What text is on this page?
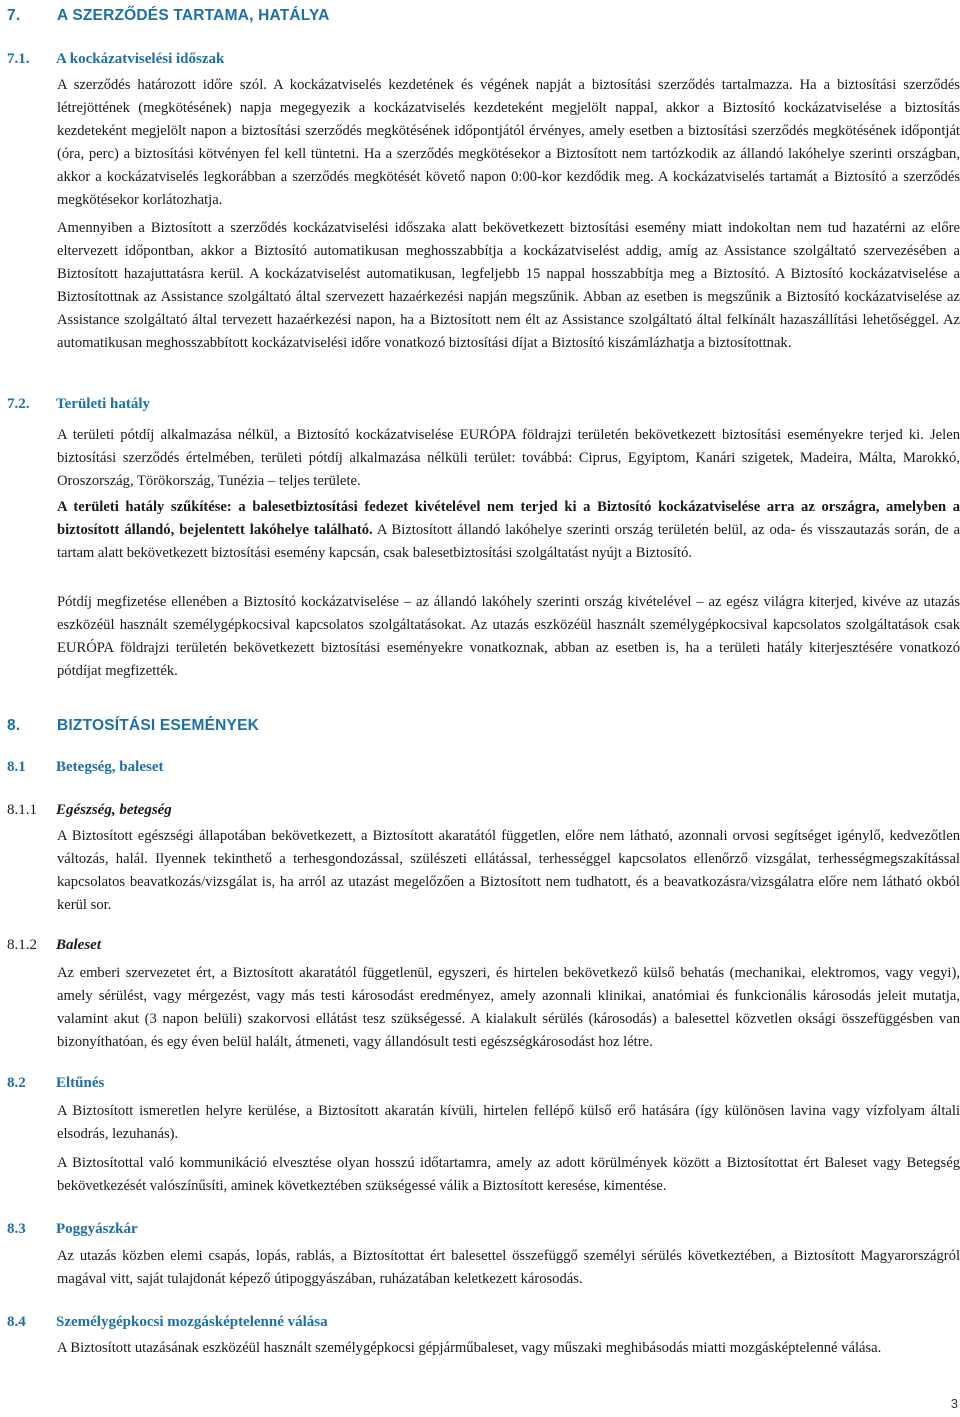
7. A SZERZŐDÉS TARTAMA, HATÁLYA
7.1. A kockázatviselési időszak

A szerződés határozott időre szól. A kockázatviselés kezdetének és végének napját a biztosítási szerződés tartalmazza. Ha a biztosítási szerződés létrejöttének (megkötésének) napja megegyezik a kockázatviselés kezdeteként megjelölt nappal, akkor a Biztosító kockázatviselése a biztosítás kezdeteként megjelölt napon a biztosítási szerződés megkötésének időpontjától érvényes, amely esetben a biztosítási szerződés megkötésének időpontját (óra, perc) a biztosítási kötvényen fel kell tüntetni. Ha a szerződés megkötésekor a Biztosított nem tartózkodik az állandó lakóhelye szerinti országban, akkor a kockázatviselés legkorábban a szerződés megkötését követő napon 0:00-kor kezdődik meg. A kockázatviselés tartamát a Biztosító a szerződés megkötésekor korlátozhatja.

Amennyiben a Biztosított a szerződés kockázatviselési időszaka alatt bekövetkezett biztosítási esemény miatt indokoltan nem tud hazatérni az előre eltervezett időpontban, akkor a Biztosító automatikusan meghosszabbítja a kockázatviselést addig, amíg az Assistance szolgáltató szervezésében a Biztosított hazajuttatásra kerül. A kockázatviselést automatikusan, legfeljebb 15 nappal hosszabbítja meg a Biztosító. A Biztosító kockázatviselése a Biztosítottnak az Assistance szolgáltató által szervezett hazaérkezési napján megszűnik. Abban az esetben is megszűnik a Biztosító kockázatviselése az Assistance szolgáltató által tervezett hazaérkezési napon, ha a Biztosított nem élt az Assistance szolgáltató által felkínált hazaszállítási lehetőséggel. Az automatikusan meghosszabbított kockázatviselési időre vonatkozó biztosítási díjat a Biztosító kiszámlázhatja a biztosítottnak.

7.2. Területi hatály

A területi pótdíj alkalmazása nélkül, a Biztosító kockázatviselése EURÓPA földrajzi területén bekövetkezett biztosítási eseményekre terjed ki. Jelen biztosítási szerződés értelmében, területi pótdíj alkalmazása nélküli terület: továbbá: Ciprus, Egyiptom, Kanári szigetek, Madeira, Málta, Marokkó, Oroszország, Törökország, Tunézia – teljes területe.

A területi hatály szűkítése: a balesetbiztosítási fedezet kivételével nem terjed ki a Biztosító kockázatviselése arra az országra, amelyben a biztosított állandó, bejelentett lakóhelye található. A Biztosított állandó lakóhelye szerinti ország területén belül, az oda- és visszautazás során, de a tartam alatt bekövetkezett biztosítási esemény kapcsán, csak balesetbiztosítási szolgáltatást nyújt a Biztosító.

Pótdíj megfizetése ellenében a Biztosító kockázatviselése – az állandó lakóhely szerinti ország kivételével – az egész világra kiterjed, kivéve az utazás eszközéül használt személygépkocsival kapcsolatos szolgáltatásokat. Az utazás eszközéül használt személygépkocsival kapcsolatos szolgáltatások csak EURÓPA földrajzi területén bekövetkezett biztosítási eseményekre vonatkoznak, abban az esetben is, ha a területi hatály kiterjesztésére vonatkozó pótdíjat megfizették.

8. BIZTOSÍTÁSI ESEMÉNYEK
8.1 Betegség, baleset
8.1.1 Egészség, betegség

A Biztosított egészségi állapotában bekövetkezett, a Biztosított akaratától független, előre nem látható, azonnali orvosi segítséget igénylő, kedvezőtlen változás, halál. Ilyennek tekinthető a terhesgondozással, szülészeti ellátással, terhességgel kapcsolatos ellenőrző vizsgálat, terhességmegszakítással kapcsolatos beavatkozás/vizsgálat is, ha arról az utazást megelőzően a Biztosított nem tudhatott, és a beavatkozásra/vizsgálatra előre nem látható okból kerül sor.

8.1.2 Baleset

Az emberi szervezetet ért, a Biztosított akaratától függetlenül, egyszeri, és hirtelen bekövetkező külső behatás (mechanikai, elektromos, vagy vegyi), amely sérülést, vagy mérgezést, vagy más testi károsodást eredményez, amely azonnali klinikai, anatómiai és funkcionális károsodás jeleit mutatja, valamint akut (3 napon belüli) szakorvosi ellátást tesz szükségessé. A kialakult sérülés (károsodás) a balesettel közvetlen oksági összefüggésben van bizonyíthatóan, és egy éven belül halált, átmeneti, vagy állandósult testi egészségkárosodást hoz létre.

8.2 Eltűnés

A Biztosított ismeretlen helyre kerülése, a Biztosított akaratán kívüli, hirtelen fellépő külső erő hatására (így különösen lavina vagy vízfolyam általi elsodrás, lezuhanás).

A Biztosítottal való kommunikáció elvesztése olyan hosszú időtartamra, amely az adott körülmények között a Biztosítottat ért Baleset vagy Betegség bekövetkezését valószínűsíti, aminek következtében szükségessé válik a Biztosított keresése, kimentése.

8.3 Poggyászkár

Az utazás közben elemi csapás, lopás, rablás, a Biztosítottat ért balesettel összefüggő személyi sérülés következtében, a Biztosított Magyarországról magával vitt, saját tulajdonát képező útipoggyászában, ruházatában keletkezett károsodás.

8.4 Személygépkocsi mozgásképtelenné válása

A Biztosított utazásának eszközéül használt személygépkocsi gépjárműbaleset, vagy műszaki meghibásodás miatti mozgásképtelenné válása.

3
